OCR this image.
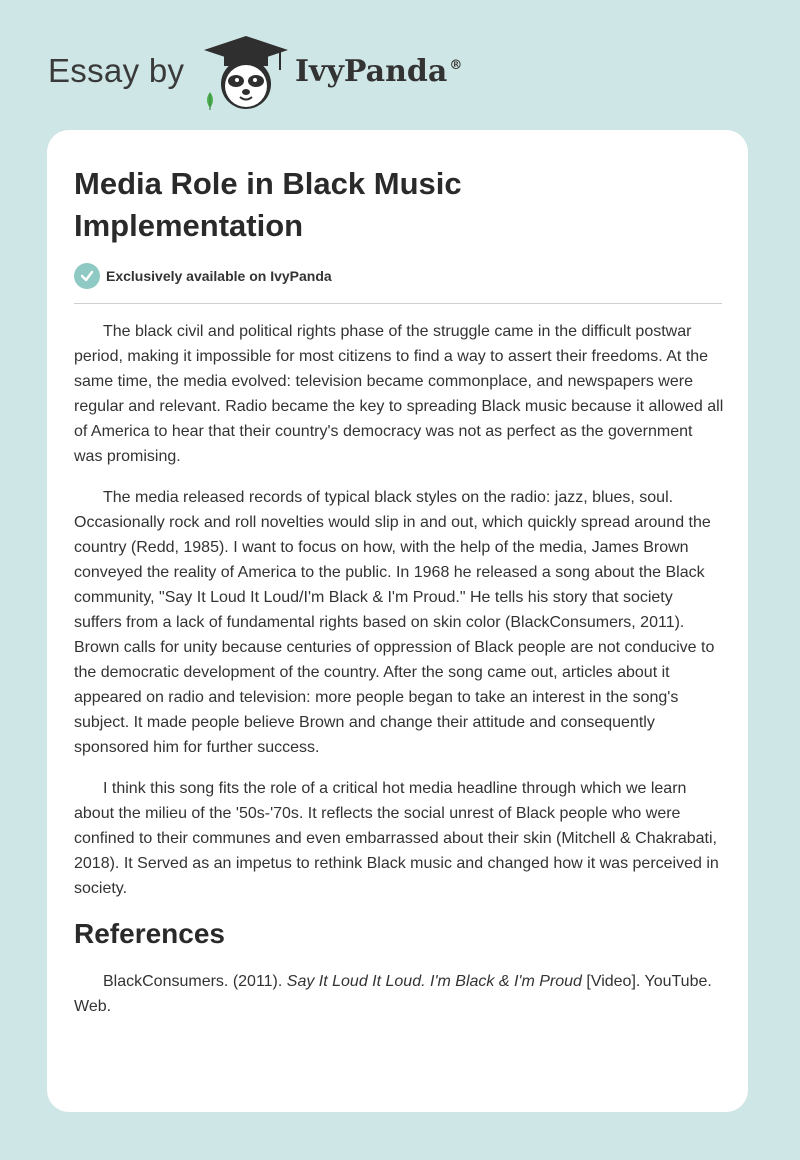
Essay by	IvyPanda ®
Media Role in Black Music Implementation
Exclusively available on IvyPanda

The black civil and political rights phase of the struggle came in the difficult postwar period, making it impossible for most citizens to find a way to assert their freedoms. At the same time, the media evolved: television became commonplace, and newspapers were regular and relevant. Radio became the key to spreading Black music because it allowed all of America to hear that their country's democracy was not as perfect as the government was promising.

The media released records of typical black styles on the radio: jazz, blues, soul. Occasionally rock and roll novelties would slip in and out, which quickly spread around the country (Redd, 1985). I want to focus on how, with the help of the media, James Brown conveyed the reality of America to the public. In 1968 he released a song about the Black community, "Say It Loud It Loud/I'm Black & I'm Proud." He tells his story that society suffers from a lack of fundamental rights based on skin color (BlackConsumers, 2011). Brown calls for unity because centuries of oppression of Black people are not conducive to the democratic development of the country. After the song came out, articles about it appeared on radio and television: more people began to take an interest in the song's subject. It made people believe Brown and change their attitude and consequently sponsored him for further success.

I think this song fits the role of a critical hot media headline through which we learn about the milieu of the '50s-'70s. It reflects the social unrest of Black people who were confined to their communes and even embarrassed about their skin (Mitchell & Chakrabati, 2018). It Served as an impetus to rethink Black music and changed how it was perceived in society.

References

BlackConsumers. (2011). Say It Loud It Loud. I'm Black & I'm Proud [Video]. YouTube. Web.
